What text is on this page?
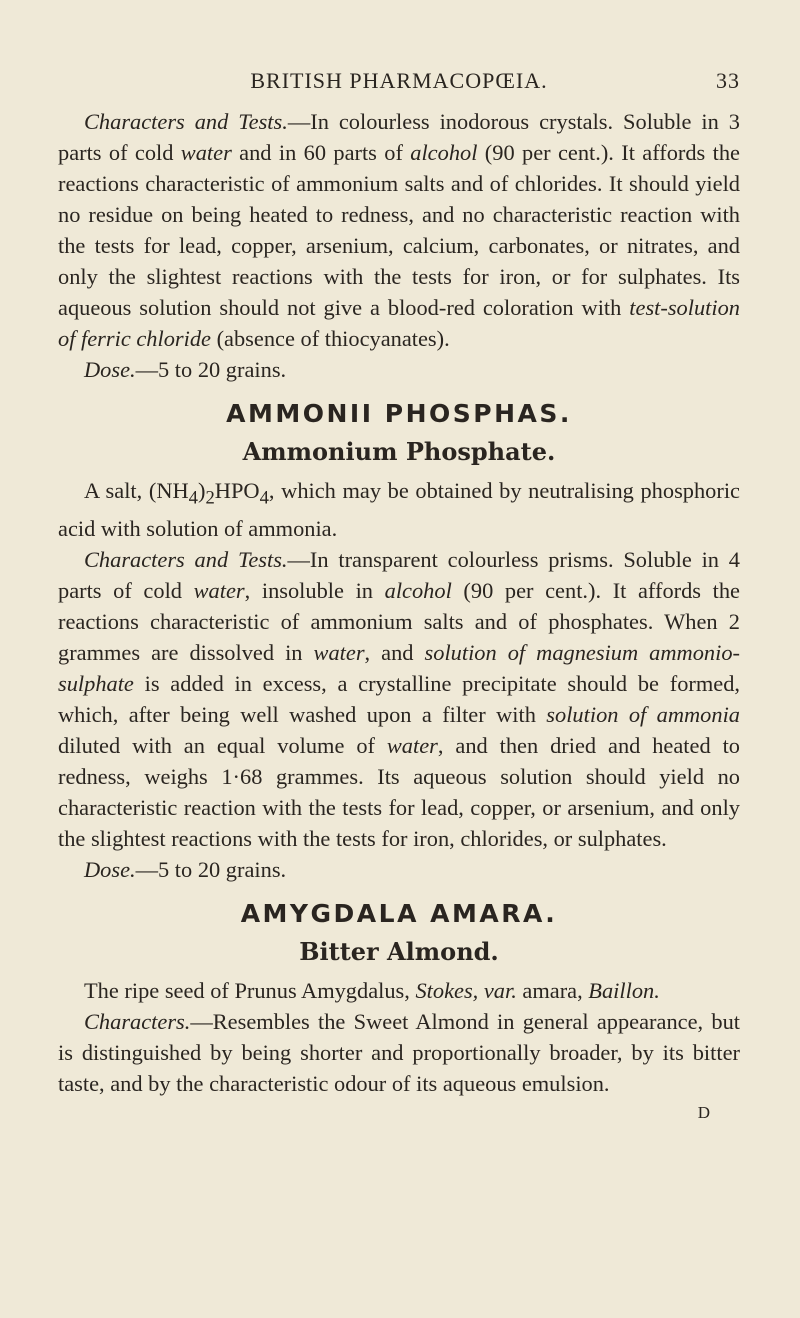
BRITISH PHARMACOPŒIA.	33

Characters and Tests.—In colourless inodorous crystals. Soluble in 3 parts of cold water and in 60 parts of alcohol (90 per cent.). It affords the reactions characteristic of ammonium salts and of chlorides. It should yield no residue on being heated to redness, and no characteristic reaction with the tests for lead, copper, arsenium, calcium, carbonates, or nitrates, and only the slightest reactions with the tests for iron, or for sulphates. Its aqueous solution should not give a blood-red coloration with test-solution of ferric chloride (absence of thiocyanates).

Dose.—5 to 20 grains.

AMMONII PHOSPHAS.
Ammonium Phosphate.

A salt, $(NH_4)_2HPO_4$, which may be obtained by neutralising phosphoric acid with solution of ammonia.

Characters and Tests.—In transparent colourless prisms. Soluble in 4 parts of cold water, insoluble in alcohol (90 per cent.). It affords the reactions characteristic of ammonium salts and of phosphates. When 2 grammes are dissolved in water, and solution of magnesium ammonio-sulphate is added in excess, a crystalline precipitate should be formed, which, after being well washed upon a filter with solution of ammonia diluted with an equal volume of water, and then dried and heated to redness, weighs 1·68 grammes. Its aqueous solution should yield no characteristic reaction with the tests for lead, copper, or arsenium, and only the slightest reactions with the tests for iron, chlorides, or sulphates.

Dose.—5 to 20 grains.

AMYGDALA AMARA.
Bitter Almond.

The ripe seed of Prunus Amygdalus, Stokes, var. amara, Baillon.

Characters.—Resembles the Sweet Almond in general appearance, but is distinguished by being shorter and proportionally broader, by its bitter taste, and by the characteristic odour of its aqueous emulsion.

D
